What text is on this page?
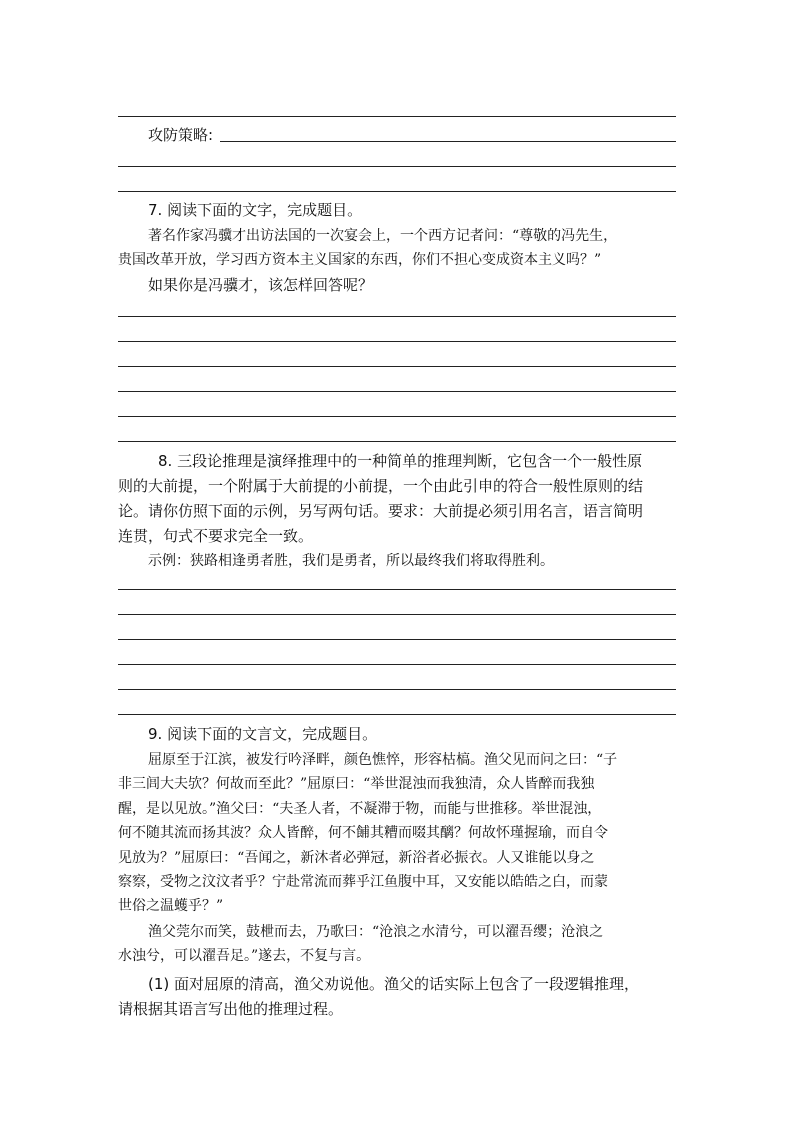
攻防策略:
7. 阅读下面的文字，完成题目。
著名作家冯骥才出访法国的一次宴会上，一个西方记者问：“尊敬的冯先生，
贵国改革开放，学习西方资本主义国家的东西，你们不担心变成资本主义吗？”
如果你是冯骥才，该怎样回答呢？
8. 三段论推理是演绎推理中的一种简单的推理判断，它包含一个一般性原
则的大前提，一个附属于大前提的小前提，一个由此引申的符合一般性原则的结
论。请你仿照下面的示例，另写两句话。要求：大前提必须引用名言，语言简明
连贯，句式不要求完全一致。
示例：狭路相逢勇者胜，我们是勇者，所以最终我们将取得胜利。
9. 阅读下面的文言文，完成题目。
屈原至于江滨，被发行吟泽畔，颜色憔悴，形容枯槁。渔父见而问之曰：“子
非三闾大夫欤？何故而至此？”屈原曰：“举世混浊而我独清，众人皆醉而我独
醒，是以见放。”渔父曰：“夫圣人者，不凝滞于物，而能与世推移。举世混浊，
何不随其流而扬其波？众人皆醉，何不餔其糟而啜其醨？何故怀瑾握瑜，而自令
见放为？”屈原曰：“吾闻之，新沐者必弹冠，新浴者必振衣。人又谁能以身之
察察，受物之汶汶者乎？宁赴常流而葬乎江鱼腹中耳，又安能以皓皓之白，而蒙
世俗之温蠖乎？”
渔父莞尔而笑，鼓枻而去，乃歌曰：“沧浪之水清兮，可以濯吾缨；沧浪之
水浊兮，可以濯吾足。”遂去，不复与言。
(1) 面对屈原的清高，渔父劝说他。渔父的话实际上包含了一段逻辑推理，
请根据其语言写出他的推理过程。
